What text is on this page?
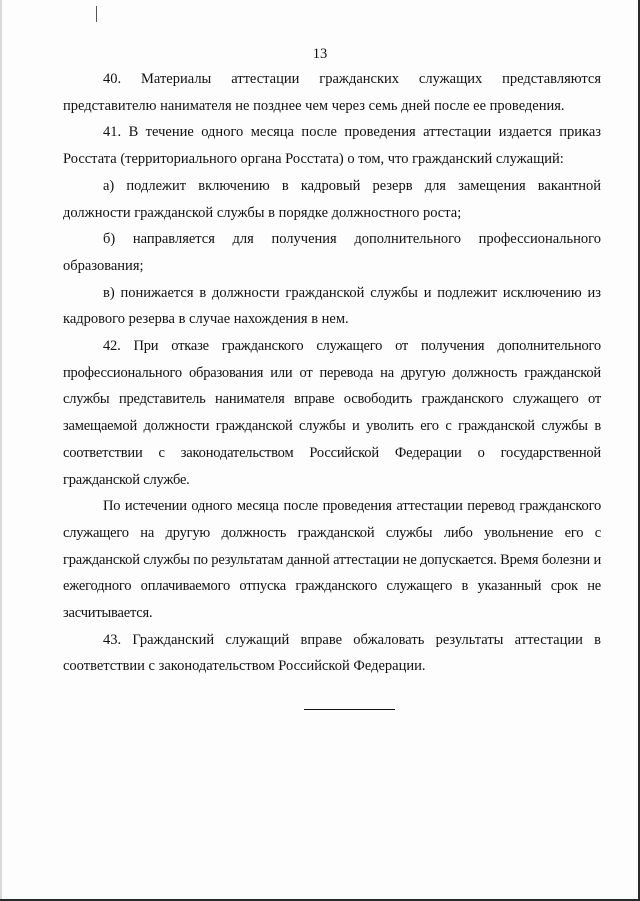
13

40. Материалы аттестации гражданских служащих представляются представителю нанимателя не позднее чем через семь дней после ее проведения.

41. В течение одного месяца после проведения аттестации издается приказ Росстата (территориального органа Росстата) о том, что гражданский служащий:

а) подлежит включению в кадровый резерв для замещения вакантной должности гражданской службы в порядке должностного роста;

б) направляется для получения дополнительного профессионального образования;

в) понижается в должности гражданской службы и подлежит исключению из кадрового резерва в случае нахождения в нем.

42. При отказе гражданского служащего от получения дополнительного профессионального образования или от перевода на другую должность гражданской службы представитель нанимателя вправе освободить гражданского служащего от замещаемой должности гражданской службы и уволить его с гражданской службы в соответствии с законодательством Российской Федерации о государственной гражданской службе.

По истечении одного месяца после проведения аттестации перевод гражданского служащего на другую должность гражданской службы либо увольнение его с гражданской службы по результатам данной аттестации не допускается. Время болезни и ежегодного оплачиваемого отпуска гражданского служащего в указанный срок не засчитывается.

43. Гражданский служащий вправе обжаловать результаты аттестации в соответствии с законодательством Российской Федерации.
